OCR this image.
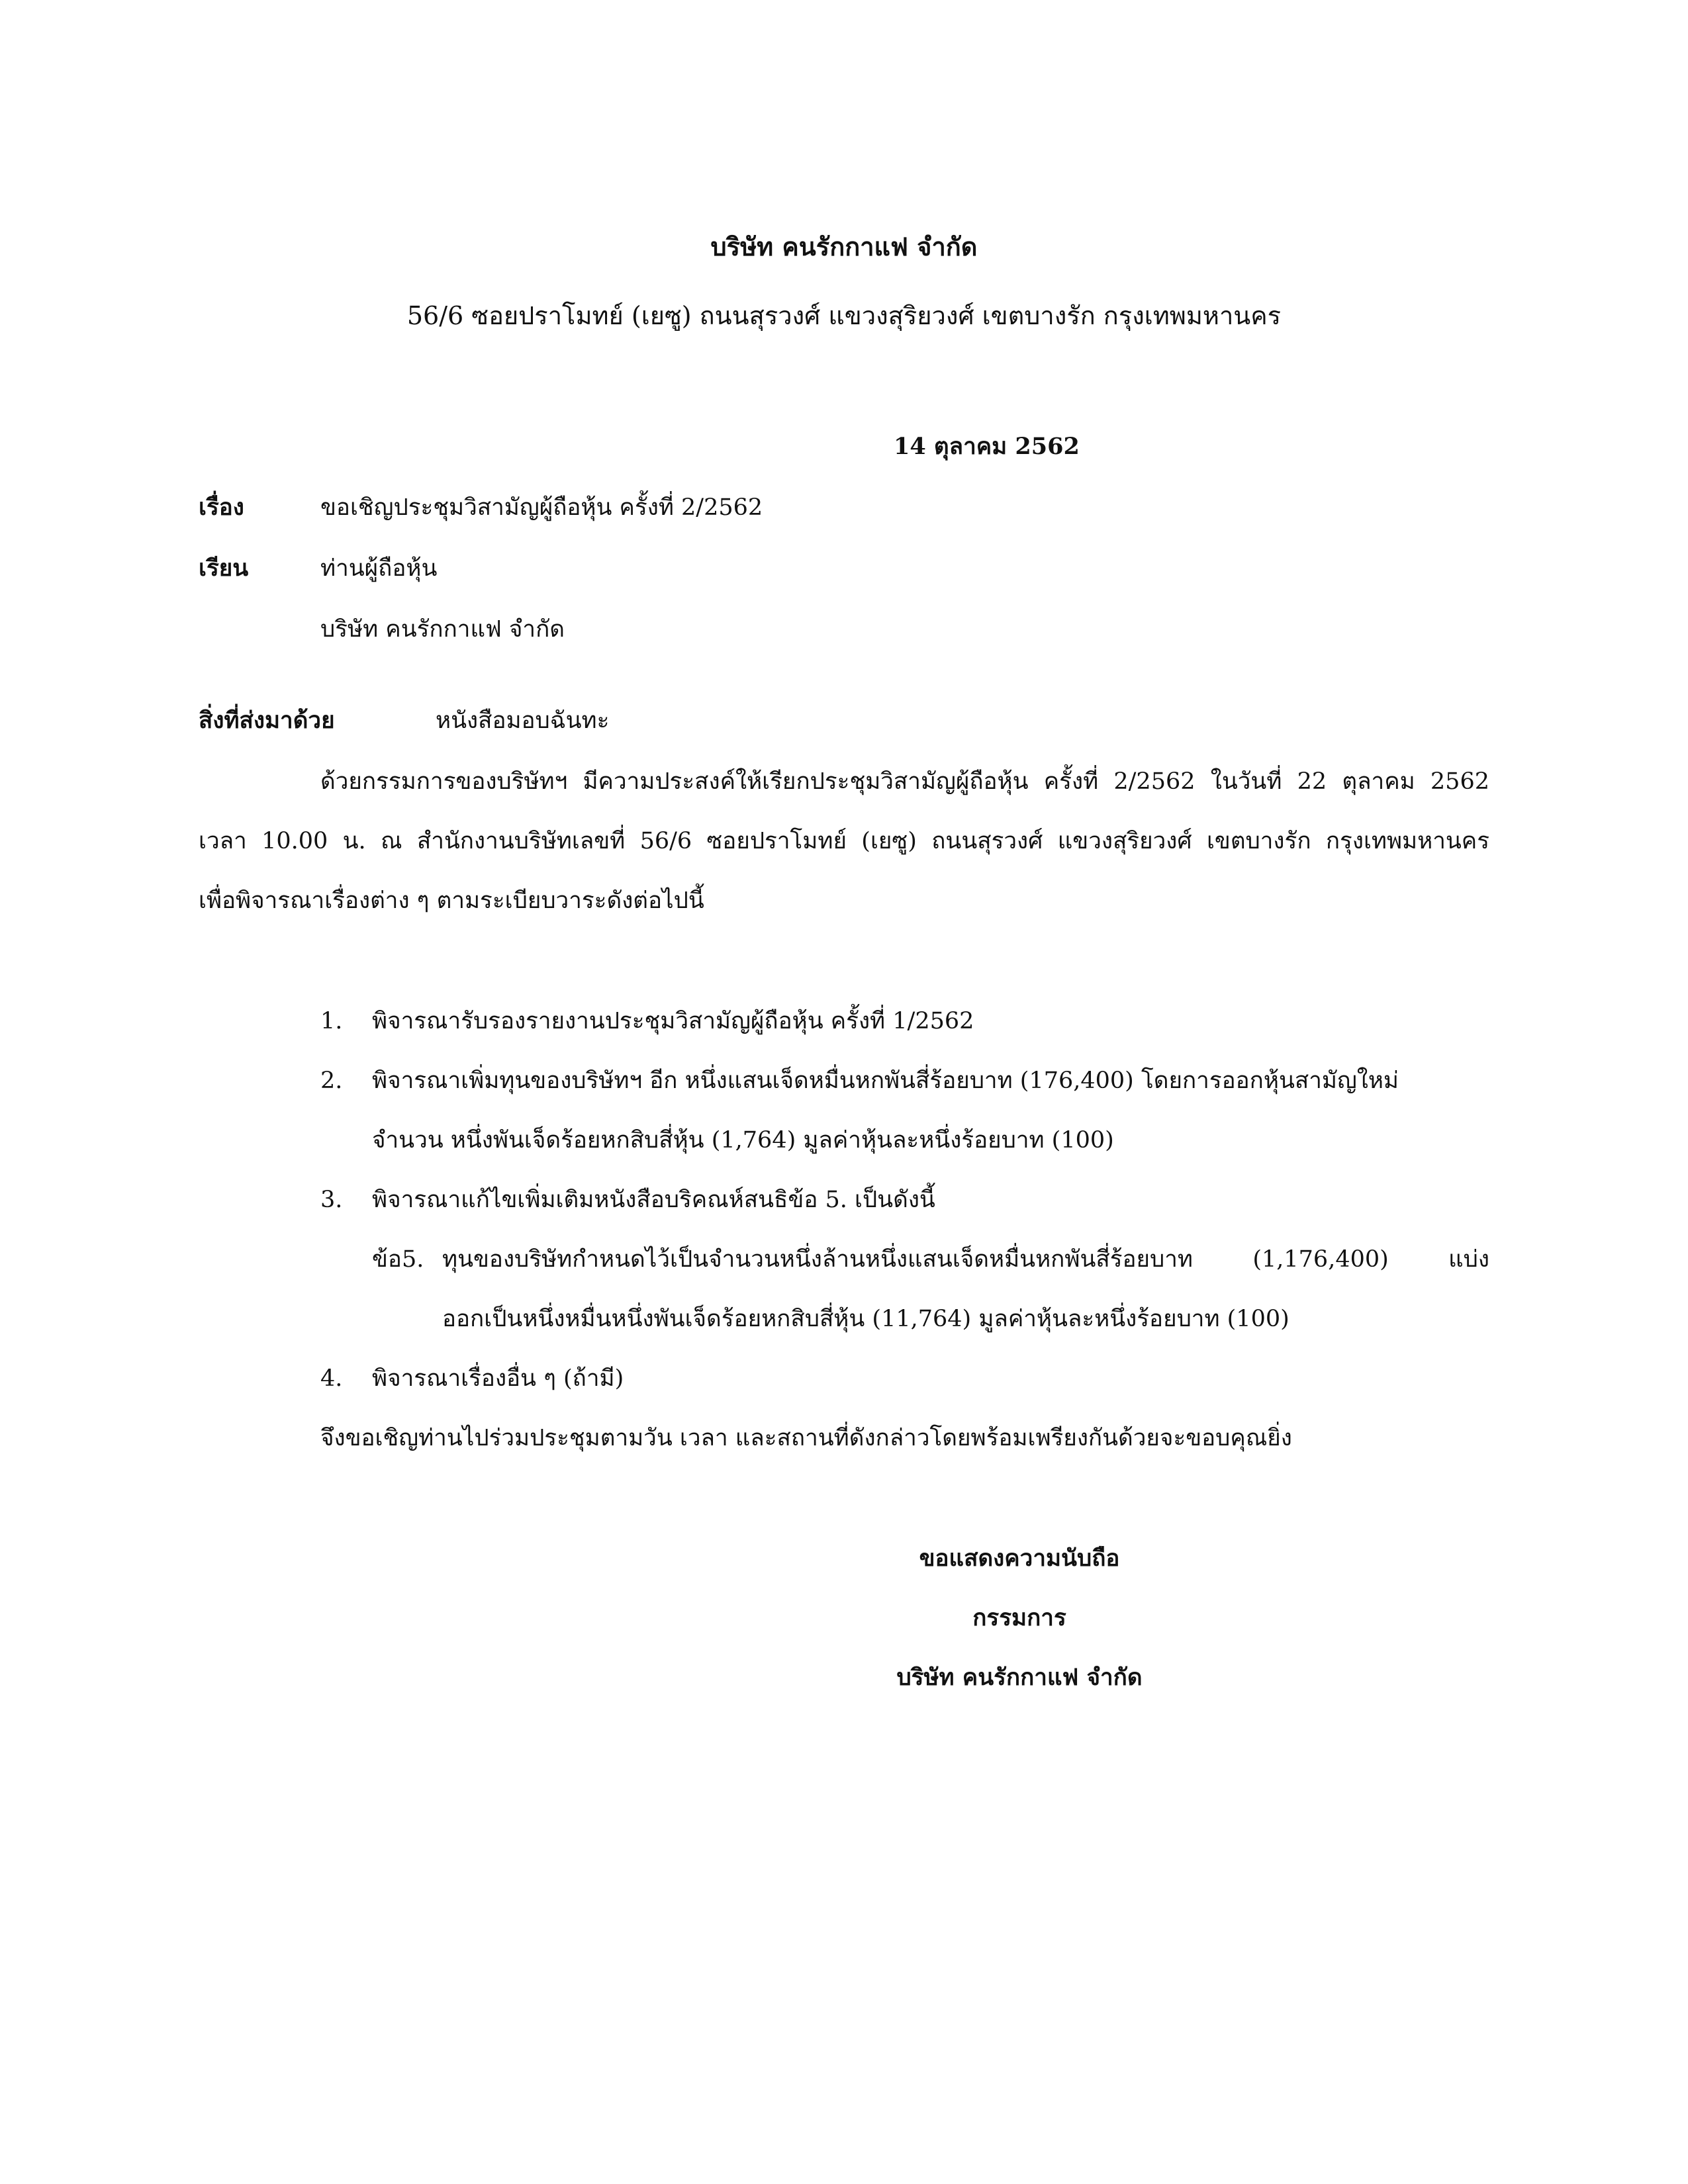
บริษัท คนรักกาแฟ จำกัด
56/6 ซอยปราโมทย์ (เยซู) ถนนสุรวงศ์ แขวงสุริยวงศ์ เขตบางรัก กรุงเทพมหานคร
14 ตุลาคม 2562
เรื่อง	ขอเชิญประชุมวิสามัญผู้ถือหุ้น ครั้งที่ 2/2562
เรียน	ท่านผู้ถือหุ้น
บริษัท คนรักกาแฟ จำกัด
สิ่งที่ส่งมาด้วย	หนังสือมอบฉันทะ
ด้วยกรรมการของบริษัทฯ มีความประสงค์ให้เรียกประชุมวิสามัญผู้ถือหุ้น ครั้งที่ 2/2562 ในวันที่ 22 ตุลาคม 2562
เวลา 10.00 น. ณ สำนักงานบริษัทเลขที่ 56/6 ซอยปราโมทย์ (เยซู) ถนนสุรวงศ์ แขวงสุริยวงศ์ เขตบางรัก กรุงเทพมหานคร
เพื่อพิจารณาเรื่องต่าง ๆ ตามระเบียบวาระดังต่อไปนี้
1. พิจารณารับรองรายงานประชุมวิสามัญผู้ถือหุ้น ครั้งที่ 1/2562
2. พิจารณาเพิ่มทุนของบริษัทฯ อีก หนึ่งแสนเจ็ดหมื่นหกพันสี่ร้อยบาท (176,400) โดยการออกหุ้นสามัญใหม่
จำนวน หนึ่งพันเจ็ดร้อยหกสิบสี่หุ้น (1,764) มูลค่าหุ้นละหนึ่งร้อยบาท (100)
3. พิจารณาแก้ไขเพิ่มเติมหนังสือบริคณห์สนธิข้อ 5. เป็นดังนี้
ข้อ5. ทุนของบริษัทกำหนดไว้เป็นจำนวนหนึ่งล้านหนึ่งแสนเจ็ดหมื่นหกพันสี่ร้อยบาท (1,176,400) แบ่ง
ออกเป็นหนึ่งหมื่นหนึ่งพันเจ็ดร้อยหกสิบสี่หุ้น (11,764) มูลค่าหุ้นละหนึ่งร้อยบาท (100)
4. พิจารณาเรื่องอื่น ๆ (ถ้ามี)
จึงขอเชิญท่านไปร่วมประชุมตามวัน เวลา และสถานที่ดังกล่าวโดยพร้อมเพรียงกันด้วยจะขอบคุณยิ่ง
ขอแสดงความนับถือ
กรรมการ
บริษัท คนรักกาแฟ จำกัด
